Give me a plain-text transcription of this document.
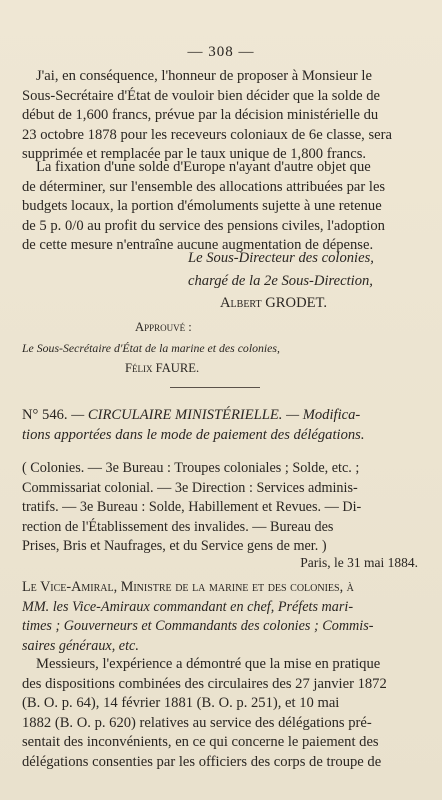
— 308 —

J'ai, en conséquence, l'honneur de proposer à Monsieur le

Sous-Secrétaire d'État de vouloir bien décider que la solde de

début de 1,600 francs, prévue par la décision ministérielle du

23 octobre 1878 pour les receveurs coloniaux de 6e classe, sera

supprimée et remplacée par le taux unique de 1,800 francs.

La fixation d'une solde d'Europe n'ayant d'autre objet que

de déterminer, sur l'ensemble des allocations attribuées par les

budgets locaux, la portion d'émoluments sujette à une retenue

de 5 p. 0/0 au profit du service des pensions civiles, l'adoption

de cette mesure n'entraîne aucune augmentation de dépense.

Le Sous-Directeur des colonies,
chargé de la 2e Sous-Direction,
Albert GRODET.
Approuvé :
Le Sous-Secrétaire d'État de la marine et des colonies,
Félix FAURE.

N° 546. — CIRCULAIRE MINISTÉRIELLE. — Modifica-

tions apportées dans le mode de paiement des délégations.

( Colonies. — 3e Bureau : Troupes coloniales ; Solde, etc. ;

Commissariat colonial. — 3e Direction : Services adminis-

tratifs. — 3e Bureau : Solde, Habillement et Revues. — Di-

rection de l'Établissement des invalides. — Bureau des

Prises, Bris et Naufrages, et du Service gens de mer. )

Paris, le 31 mai 1884.

Le Vice-Amiral, Ministre de la marine et des colonies, à

MM. les Vice-Amiraux commandant en chef, Préfets mari-

times ; Gouverneurs et Commandants des colonies ; Commis-

saires généraux, etc.

Messieurs, l'expérience a démontré que la mise en pratique

des dispositions combinées des circulaires des 27 janvier 1872

(B. O. p. 64), 14 février 1881 (B. O. p. 251), et 10 mai

1882 (B. O. p. 620) relatives au service des délégations pré-

sentait des inconvénients, en ce qui concerne le paiement des

délégations consenties par les officiers des corps de troupe de
